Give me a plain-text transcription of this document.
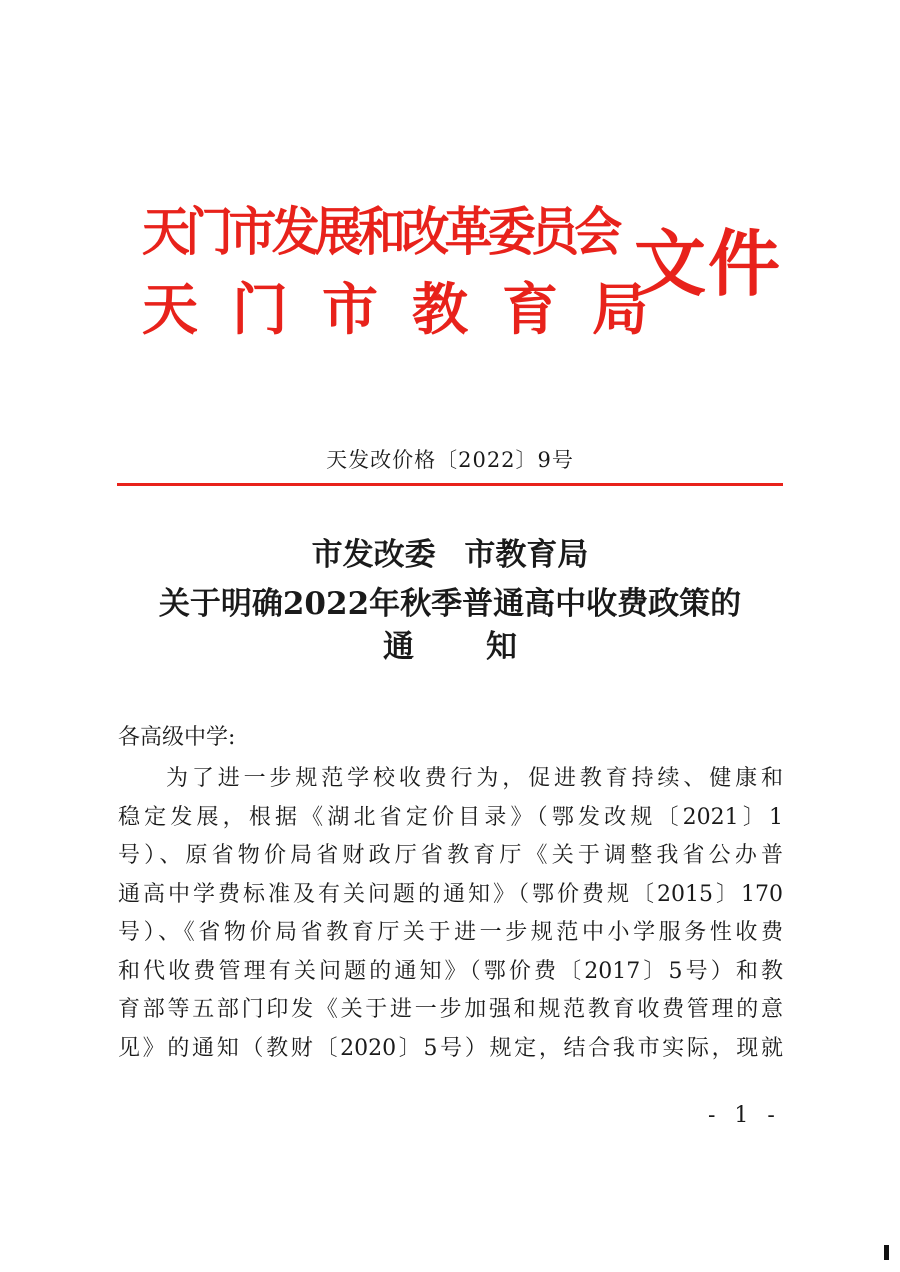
天门市发展和改革委员会
天门市教育局
文件
天发改价格〔2022〕9号
市发改委 市教育局
关于明确2022年秋季普通高中收费政策的
通知
各高级中学:

为了进一步规范学校收费行为，促进教育持续、健康和

稳定发展，根据《湖北省定价目录》（鄂发改规〔2021〕1

号）、原省物价局省财政厅省教育厅《关于调整我省公办普

通高中学费标准及有关问题的通知》（鄂价费规〔2015〕170

号）、《省物价局省教育厅关于进一步规范中小学服务性收费

和代收费管理有关问题的通知》（鄂价费〔2017〕5号）和教

育部等五部门印发《关于进一步加强和规范教育收费管理的意

见》的通知（教财〔2020〕5号）规定，结合我市实际，现就

- 1 -
